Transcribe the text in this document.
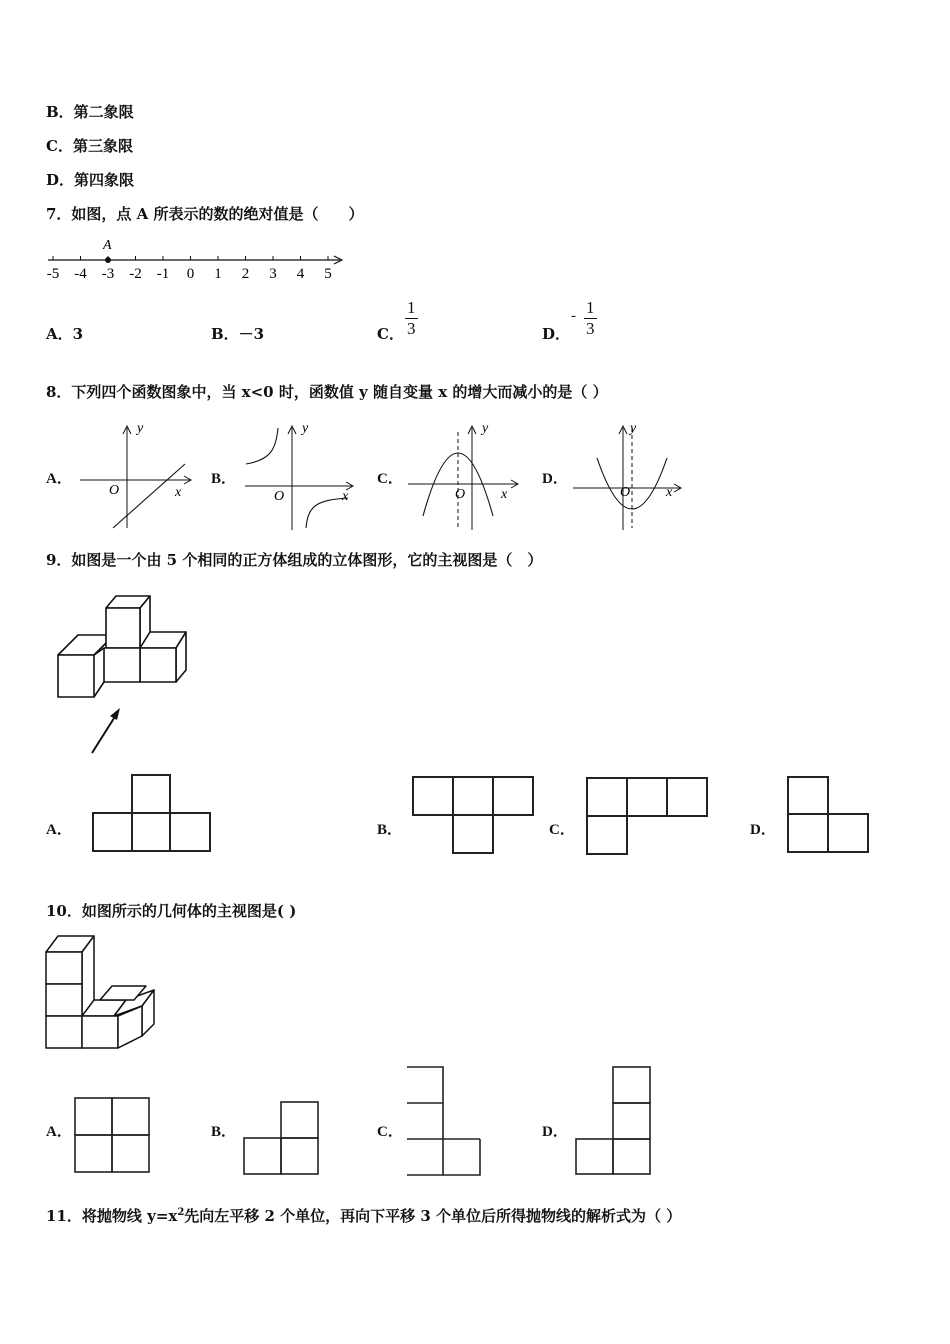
B．第二象限
C．第三象限
D．第四象限
7．如图，点 A 所表示的数的绝对值是（　　）
-5 -4 -3 -2 -1 0 1 2 3 4 5
A
A．3	B．－3	C． $\frac{1}{3}$	D．
- $\frac{1}{3}$
8．下列四个函数图象中，当 x<0 时，函数值 y 随自变量 x 的增大而减小的是（ ）
A．
y
x
O
B．
y
x
O
C．
y
x
O
D．
y
x
O
9．如图是一个由 5 个相同的正方体组成的立体图形，它的主视图是（　）
A．	B．	C．	D．
10．如图所示的几何体的主视图是( )
A．	B．	C．	D．
11．将抛物线 $y=x^2$先向左平移 2 个单位，再向下平移 3 个单位后所得抛物线的解析式为（ ）
